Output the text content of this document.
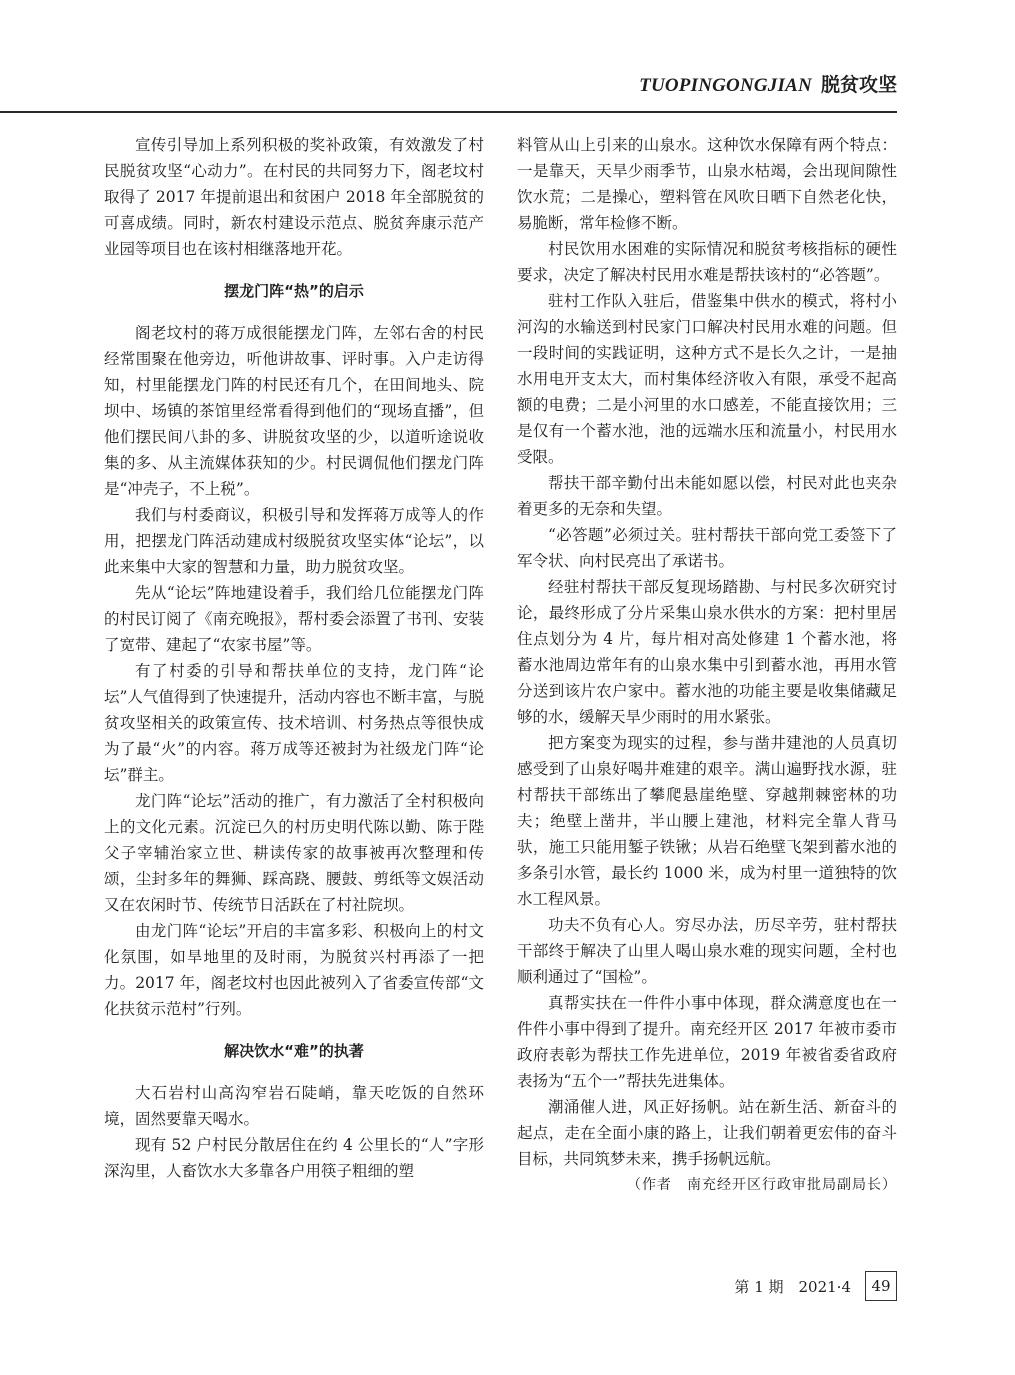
TUOPINGONGJIAN 脱贫攻坚

宣传引导加上系列积极的奖补政策，有效激发了村民脱贫攻坚“心动力”。在村民的共同努力下，阁老坟村取得了 2017 年提前退出和贫困户 2018 年全部脱贫的可喜成绩。同时，新农村建设示范点、脱贫奔康示范产业园等项目也在该村相继落地开花。

摆龙门阵“热”的启示

阁老坟村的蒋万成很能摆龙门阵，左邻右舍的村民经常围聚在他旁边，听他讲故事、评时事。入户走访得知，村里能摆龙门阵的村民还有几个，在田间地头、院坝中、场镇的茶馆里经常看得到他们的“现场直播”，但他们摆民间八卦的多、讲脱贫攻坚的少，以道听途说收集的多、从主流媒体获知的少。村民调侃他们摆龙门阵是“冲壳子，不上税”。

我们与村委商议，积极引导和发挥蒋万成等人的作用，把摆龙门阵活动建成村级脱贫攻坚实体“论坛”，以此来集中大家的智慧和力量，助力脱贫攻坚。

先从“论坛”阵地建设着手，我们给几位能摆龙门阵的村民订阅了《南充晚报》，帮村委会添置了书刊、安装了宽带、建起了“农家书屋”等。

有了村委的引导和帮扶单位的支持，龙门阵“论坛”人气值得到了快速提升，活动内容也不断丰富，与脱贫攻坚相关的政策宣传、技术培训、村务热点等很快成为了最“火”的内容。蒋万成等还被封为社级龙门阵“论坛”群主。

龙门阵“论坛”活动的推广，有力激活了全村积极向上的文化元素。沉淀已久的村历史明代陈以勤、陈于陛父子宰辅治家立世、耕读传家的故事被再次整理和传颂，尘封多年的舞狮、踩高跷、腰鼓、剪纸等文娱活动又在农闲时节、传统节日活跃在了村社院坝。

由龙门阵“论坛”开启的丰富多彩、积极向上的村文化氛围，如旱地里的及时雨，为脱贫兴村再添了一把力。2017 年，阁老坟村也因此被列入了省委宣传部“文化扶贫示范村”行列。

解决饮水“难”的执著

大石岩村山高沟窄岩石陡峭，靠天吃饭的自然环境，固然要靠天喝水。

现有 52 户村民分散居住在约 4 公里长的“人”字形深沟里，人畜饮水大多靠各户用筷子粗细的塑

料管从山上引来的山泉水。这种饮水保障有两个特点：一是靠天，天旱少雨季节，山泉水枯竭，会出现间隙性饮水荒；二是操心，塑料管在风吹日晒下自然老化快，易脆断，常年检修不断。

村民饮用水困难的实际情况和脱贫考核指标的硬性要求，决定了解决村民用水难是帮扶该村的“必答题”。

驻村工作队入驻后，借鉴集中供水的模式，将村小河沟的水输送到村民家门口解决村民用水难的问题。但一段时间的实践证明，这种方式不是长久之计，一是抽水用电开支太大，而村集体经济收入有限，承受不起高额的电费；二是小河里的水口感差，不能直接饮用；三是仅有一个蓄水池，池的远端水压和流量小，村民用水受限。

帮扶干部辛勤付出未能如愿以偿，村民对此也夹杂着更多的无奈和失望。

“必答题”必须过关。驻村帮扶干部向党工委签下了军令状、向村民亮出了承诺书。

经驻村帮扶干部反复现场踏勘、与村民多次研究讨论，最终形成了分片采集山泉水供水的方案：把村里居住点划分为 4 片，每片相对高处修建 1 个蓄水池，将蓄水池周边常年有的山泉水集中引到蓄水池，再用水管分送到该片农户家中。蓄水池的功能主要是收集储藏足够的水，缓解天旱少雨时的用水紧张。

把方案变为现实的过程，参与凿井建池的人员真切感受到了山泉好喝井难建的艰辛。满山遍野找水源，驻村帮扶干部练出了攀爬悬崖绝壁、穿越荆棘密林的功夫；绝壁上凿井，半山腰上建池，材料完全靠人背马驮，施工只能用錾子铁锹；从岩石绝壁飞架到蓄水池的多条引水管，最长约 1000 米，成为村里一道独特的饮水工程风景。

功夫不负有心人。穷尽办法，历尽辛劳，驻村帮扶干部终于解决了山里人喝山泉水难的现实问题，全村也顺利通过了“国检”。

真帮实扶在一件件小事中体现，群众满意度也在一件件小事中得到了提升。南充经开区 2017 年被市委市政府表彰为帮扶工作先进单位，2019 年被省委省政府表扬为“五个一”帮扶先进集体。

潮涌催人进，风正好扬帆。站在新生活、新奋斗的起点，走在全面小康的路上，让我们朝着更宏伟的奋斗目标，共同筑梦未来，携手扬帆远航。

（作者　南充经开区行政审批局副局长）
第 1 期　2021·4	49
